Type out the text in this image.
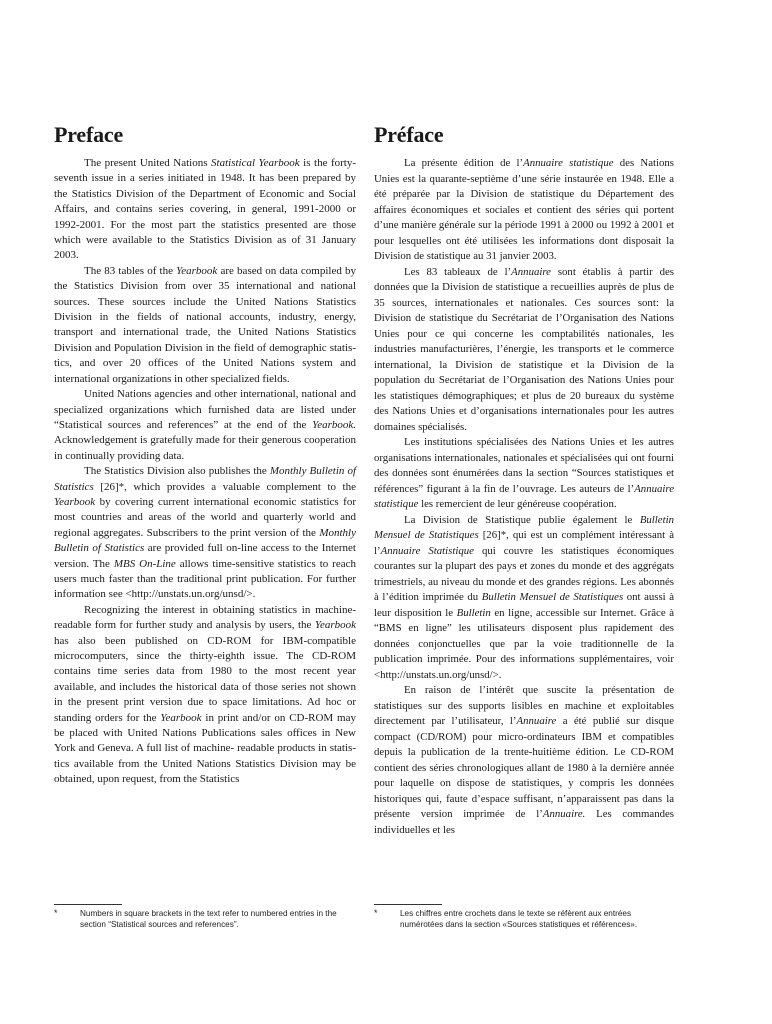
Preface

The present United Nations Statistical Yearbook is the forty-seventh issue in a series initiated in 1948. It has been prepared by the Statistics Division of the Department of Economic and Social Affairs, and contains series covering, in general, 1991-2000 or 1992-2001. For the most part the statistics presented are those which were available to the Statistics Division as of 31 January 2003.

The 83 tables of the Yearbook are based on data compiled by the Statistics Division from over 35 international and national sources. These sources include the United Nations Statistics Division in the fields of national accounts, industry, energy, transport and international trade, the United Nations Statistics Division and Population Division in the field of demographic statistics, and over 20 offices of the United Nations system and international organizations in other specialized fields.

United Nations agencies and other international, national and specialized organizations which furnished data are listed under “Statistical sources and references” at the end of the Yearbook. Acknowledgement is gratefully made for their generous cooperation in continually providing data.

The Statistics Division also publishes the Monthly Bulletin of Statistics [26]*, which provides a valuable complement to the Yearbook by covering current international economic statistics for most countries and areas of the world and quarterly world and regional aggregates. Subscribers to the print version of the Monthly Bulletin of Statistics are provided full on-line access to the Internet version. The MBS On-Line allows time-sensitive statistics to reach users much faster than the traditional print publication. For further information see <http://unstats.un.org/unsd/>.

Recognizing the interest in obtaining statistics in machine-readable form for further study and analysis by users, the Yearbook has also been published on CD-ROM for IBM-compatible microcomputers, since the thirty-eighth issue. The CD-ROM contains time series data from 1980 to the most recent year available, and includes the historical data of those series not shown in the present print version due to space limitations. Ad hoc or standing orders for the Yearbook in print and/or on CD-ROM may be placed with United Nations Publications sales offices in New York and Geneva. A full list of machine- readable products in statistics available from the United Nations Statistics Division may be obtained, upon request, from the Statistics

Préface

La présente édition de l’Annuaire statistique des Nations Unies est la quarante-septième d’une série instaurée en 1948. Elle a été préparée par la Division de statistique du Département des affaires économiques et sociales et contient des séries qui portent d’une manière générale sur la période 1991 à 2000 ou 1992 à 2001 et pour lesquelles ont été utilisées les informations dont disposait la Division de statistique au 31 janvier 2003.

Les 83 tableaux de l’Annuaire sont établis à partir des données que la Division de statistique a recueillies auprès de plus de 35 sources, internationales et nationales. Ces sources sont: la Division de statistique du Secrétariat de l’Organisation des Nations Unies pour ce qui concerne les comptabilités nationales, les industries manufacturières, l’énergie, les transports et le commerce international, la Division de statistique et la Division de la population du Secrétariat de l’Organisation des Nations Unies pour les statistiques démographiques; et plus de 20 bureaux du système des Nations Unies et d’organisations internationales pour les autres domaines spécialisés.

Les institutions spécialisées des Nations Unies et les autres organisations internationales, nationales et spécialisées qui ont fourni des données sont énumérées dans la section “Sources statistiques et références” figurant à la fin de l’ouvrage. Les auteurs de l’Annuaire statistique les remercient de leur généreuse coopération.

La Division de Statistique publie également le Bulletin Mensuel de Statistiques [26]*, qui est un complément intéressant à l’Annuaire Statistique qui couvre les statistiques économiques courantes sur la plupart des pays et zones du monde et des aggrégats trimestriels, au niveau du monde et des grandes régions. Les abonnés à l’édition imprimée du Bulletin Mensuel de Statistiques ont aussi à leur disposition le Bulletin en ligne, accessible sur Internet. Grâce à “BMS en ligne” les utilisateurs disposent plus rapidement des données conjonctuelles que par la voie traditionnelle de la publication imprimée. Pour des informations supplémentaires, voir <http://unstats.un.org/unsd/>.

En raison de l’intérêt que suscite la présentation de statistiques sur des supports lisibles en machine et exploitables directement par l’utilisateur, l’Annuaire a été publié sur disque compact (CD/ROM) pour micro-ordinateurs IBM et compatibles depuis la publication de la trente-huitième édition. Le CD-ROM contient des séries chronologiques allant de 1980 à la dernière année pour laquelle on dispose de statistiques, y compris les données historiques qui, faute d’espace suffisant, n’apparaissent pas dans la présente version imprimée de l’Annuaire. Les commandes individuelles et les

*	Numbers in square brackets in the text refer to numbered entries in the section “Statistical sources and references”.
*	Les chiffres entre crochets dans le texte se réfèrent aux entrées numérotées dans la section «Sources statistiques et références».
